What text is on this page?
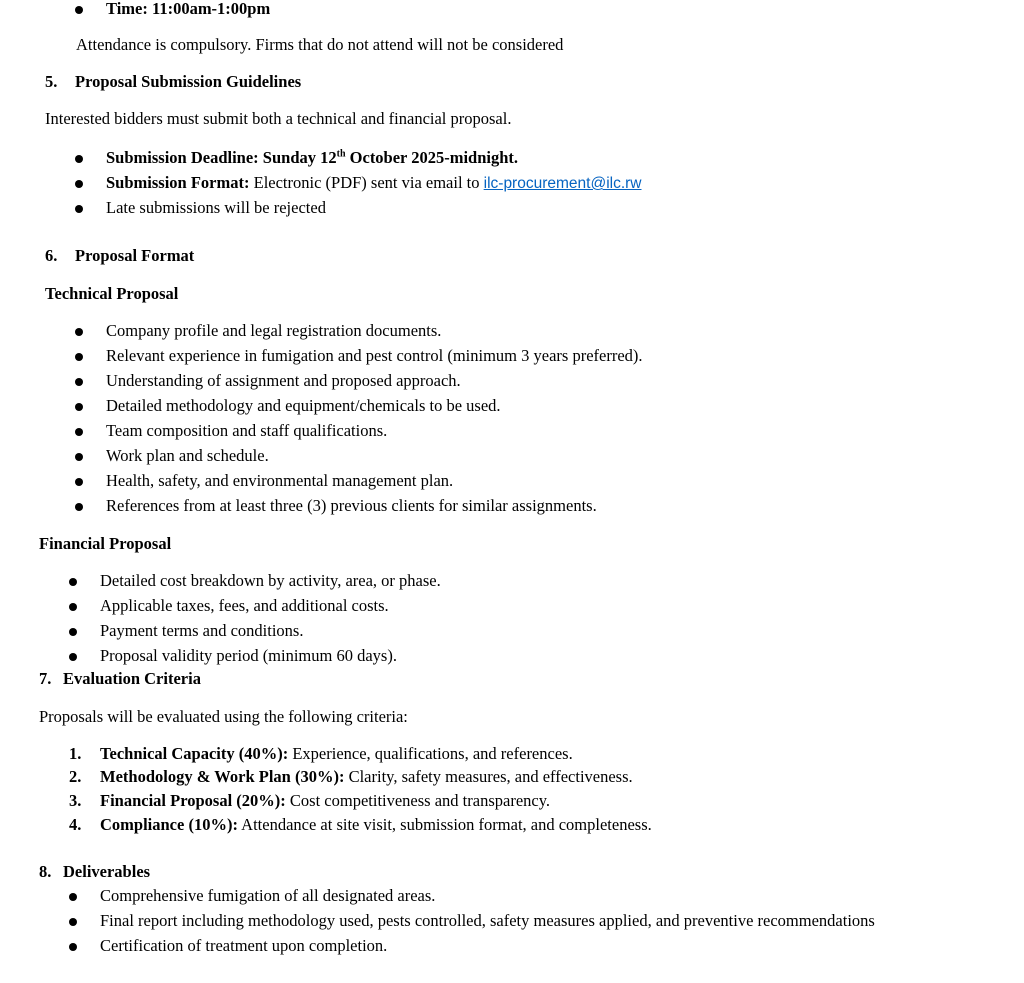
Time: 11:00am-1:00pm
Attendance is compulsory. Firms that do not attend will not be considered
5. Proposal Submission Guidelines
Interested bidders must submit both a technical and financial proposal.
Submission Deadline: Sunday 12th October 2025-midnight.
Submission Format: Electronic (PDF) sent via email to ilc-procurement@ilc.rw
Late submissions will be rejected
6. Proposal Format
Technical Proposal
Company profile and legal registration documents.
Relevant experience in fumigation and pest control (minimum 3 years preferred).
Understanding of assignment and proposed approach.
Detailed methodology and equipment/chemicals to be used.
Team composition and staff qualifications.
Work plan and schedule.
Health, safety, and environmental management plan.
References from at least three (3) previous clients for similar assignments.
Financial Proposal
Detailed cost breakdown by activity, area, or phase.
Applicable taxes, fees, and additional costs.
Payment terms and conditions.
Proposal validity period (minimum 60 days).
7. Evaluation Criteria
Proposals will be evaluated using the following criteria:
1. Technical Capacity (40%): Experience, qualifications, and references.
2. Methodology & Work Plan (30%): Clarity, safety measures, and effectiveness.
3. Financial Proposal (20%): Cost competitiveness and transparency.
4. Compliance (10%): Attendance at site visit, submission format, and completeness.
8. Deliverables
Comprehensive fumigation of all designated areas.
Final report including methodology used, pests controlled, safety measures applied, and preventive recommendations
Certification of treatment upon completion.
